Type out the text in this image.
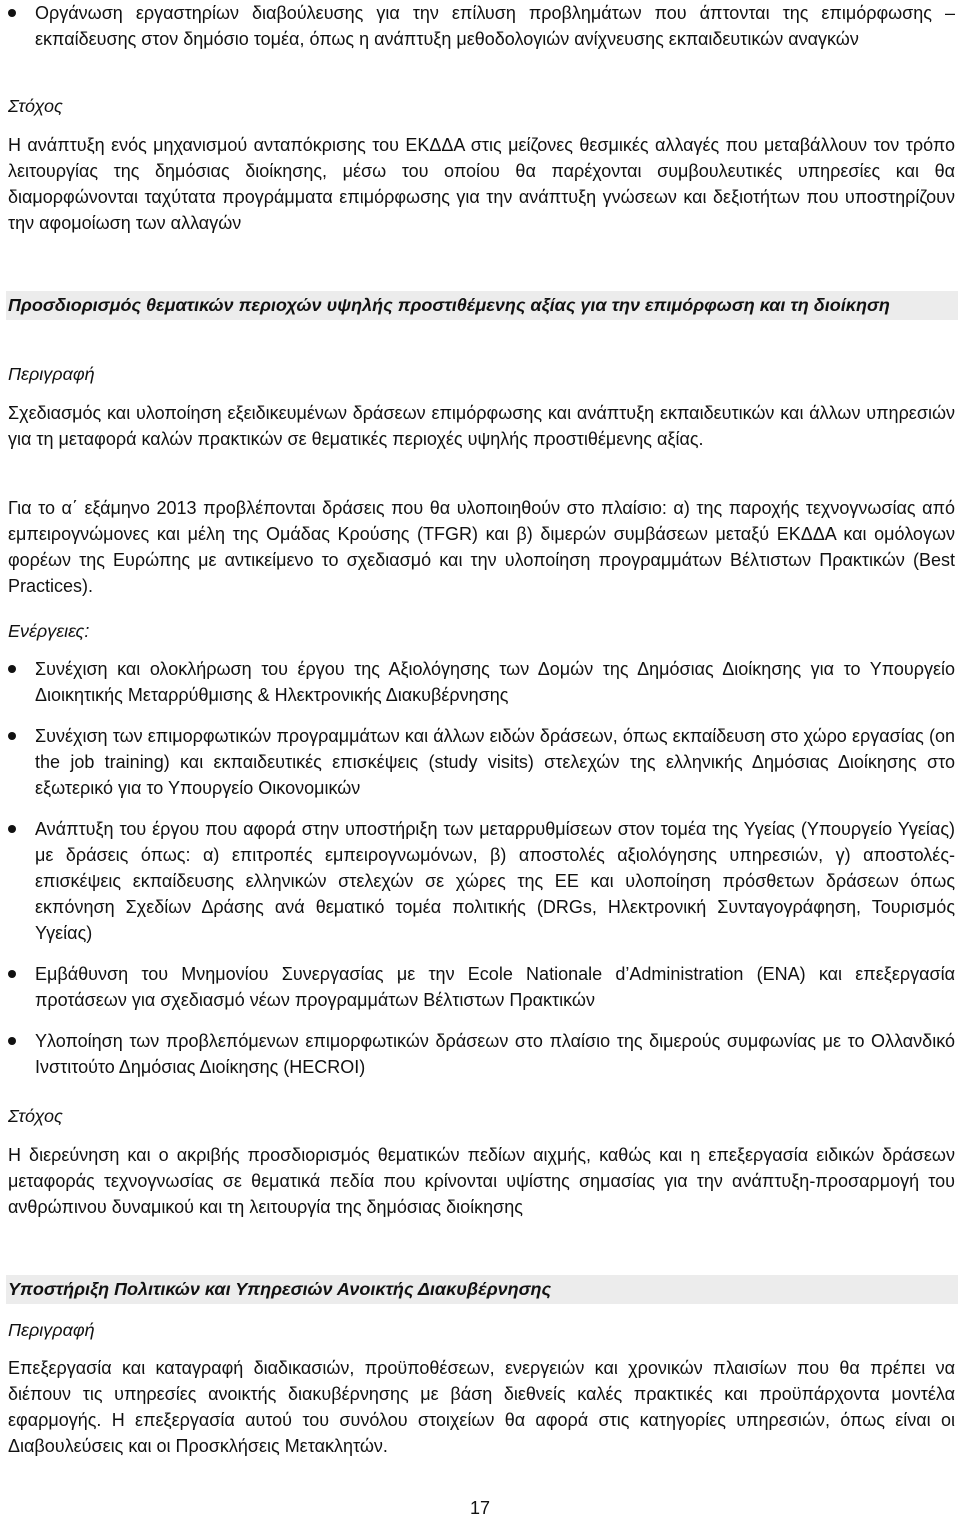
Οργάνωση εργαστηρίων διαβούλευσης για την επίλυση προβλημάτων που άπτονται της επιμόρφωσης – εκπαίδευσης στον δημόσιο τομέα, όπως η ανάπτυξη μεθοδολογιών ανίχνευσης εκπαιδευτικών αναγκών

Στόχος

Η ανάπτυξη ενός μηχανισμού ανταπόκρισης του ΕΚΔΔΑ στις μείζονες θεσμικές αλλαγές που μεταβάλλουν τον τρόπο λειτουργίας της δημόσιας διοίκησης, μέσω του οποίου θα παρέχονται συμβουλευτικές υπηρεσίες και θα διαμορφώνονται ταχύτατα προγράμματα επιμόρφωσης για την ανάπτυξη γνώσεων και δεξιοτήτων που υποστηρίζουν την αφομοίωση των αλλαγών

Προσδιορισμός θεματικών περιοχών υψηλής προστιθέμενης αξίας για την επιμόρφωση και τη διοίκηση

Περιγραφή

Σχεδιασμός και υλοποίηση εξειδικευμένων δράσεων επιμόρφωσης και ανάπτυξη εκπαιδευτικών και άλλων υπηρεσιών για τη μεταφορά καλών πρακτικών σε θεματικές περιοχές υψηλής προστιθέμενης αξίας.

Για το α΄ εξάμηνο 2013 προβλέπονται δράσεις που θα υλοποιηθούν στο πλαίσιο: α) της παροχής τεχνογνωσίας από εμπειρογνώμονες και μέλη της Ομάδας Κρούσης (TFGR) και β) διμερών συμβάσεων μεταξύ ΕΚΔΔΑ και ομόλογων φορέων της Ευρώπης με αντικείμενο το σχεδιασμό και την υλοποίηση προγραμμάτων Βέλτιστων Πρακτικών (Best Practices).

Ενέργειες:

Συνέχιση και ολοκλήρωση του έργου της Αξιολόγησης των Δομών της Δημόσιας Διοίκησης για το Υπουργείο Διοικητικής Μεταρρύθμισης & Ηλεκτρονικής Διακυβέρνησης

Συνέχιση των επιμορφωτικών προγραμμάτων και άλλων ειδών δράσεων, όπως εκπαίδευση στο χώρο εργασίας (on the job training) και εκπαιδευτικές επισκέψεις (study visits) στελεχών της ελληνικής Δημόσιας Διοίκησης στο εξωτερικό για το Υπουργείο Οικονομικών

Ανάπτυξη του έργου που αφορά στην υποστήριξη των μεταρρυθμίσεων στον τομέα της Υγείας (Υπουργείο Υγείας) με δράσεις όπως: α) επιτροπές εμπειρογνωμόνων, β) αποστολές αξιολόγησης υπηρεσιών, γ) αποστολές-επισκέψεις εκπαίδευσης ελληνικών στελεχών σε χώρες της ΕΕ και υλοποίηση πρόσθετων δράσεων όπως εκπόνηση Σχεδίων Δράσης ανά θεματικό τομέα πολιτικής (DRGs, Ηλεκτρονική Συνταγογράφηση, Τουρισμός Υγείας)

Εμβάθυνση του Μνημονίου Συνεργασίας με την Ecole Nationale d’Administration (ENA) και επεξεργασία προτάσεων για σχεδιασμό νέων προγραμμάτων Βέλτιστων Πρακτικών

Υλοποίηση των προβλεπόμενων επιμορφωτικών δράσεων στο πλαίσιο της διμερούς συμφωνίας με το Ολλανδικό Ινστιτούτο Δημόσιας Διοίκησης (HECROI)

Στόχος

Η διερεύνηση και ο ακριβής προσδιορισμός θεματικών πεδίων αιχμής, καθώς και η επεξεργασία ειδικών δράσεων μεταφοράς τεχνογνωσίας σε θεματικά πεδία που κρίνονται υψίστης σημασίας για την ανάπτυξη-προσαρμογή του ανθρώπινου δυναμικού και τη λειτουργία της δημόσιας διοίκησης

Υποστήριξη Πολιτικών και Υπηρεσιών Ανοικτής Διακυβέρνησης

Περιγραφή

Επεξεργασία και καταγραφή διαδικασιών, προϋποθέσεων, ενεργειών και χρονικών πλαισίων που θα πρέπει να διέπουν τις υπηρεσίες ανοικτής διακυβέρνησης με βάση διεθνείς καλές πρακτικές και προϋπάρχοντα μοντέλα εφαρμογής. Η επεξεργασία αυτού του συνόλου στοιχείων θα αφορά στις κατηγορίες υπηρεσιών, όπως είναι οι Διαβουλεύσεις και οι Προσκλήσεις Μετακλητών.

17
